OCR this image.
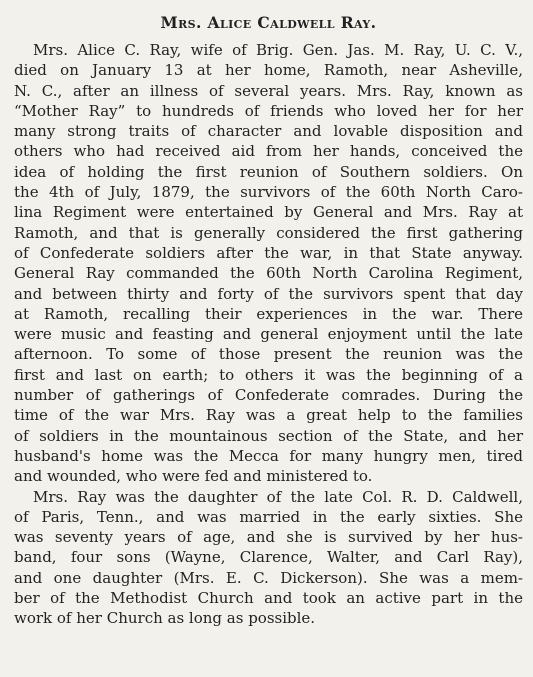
Mrs. Alice Caldwell Ray.
Mrs. Alice C. Ray, wife of Brig. Gen. Jas. M. Ray, U. C. V.,
died on January 13 at her home, Ramoth, near Asheville,
N. C., after an illness of several years. Mrs. Ray, known as
“Mother Ray” to hundreds of friends who loved her for her
many strong traits of character and lovable disposition and
others who had received aid from her hands, conceived the
idea of holding the first reunion of Southern soldiers. On
the 4th of July, 1879, the survivors of the 60th North Caro-
lina Regiment were entertained by General and Mrs. Ray at
Ramoth, and that is generally considered the first gathering
of Confederate soldiers after the war, in that State anyway.
General Ray commanded the 60th North Carolina Regiment,
and between thirty and forty of the survivors spent that day
at Ramoth, recalling their experiences in the war. There
were music and feasting and general enjoyment until the late
afternoon. To some of those present the reunion was the
first and last on earth; to others it was the beginning of a
number of gatherings of Confederate comrades. During the
time of the war Mrs. Ray was a great help to the families
of soldiers in the mountainous section of the State, and her
husband's home was the Mecca for many hungry men, tired
and wounded, who were fed and ministered to.
Mrs. Ray was the daughter of the late Col. R. D. Caldwell,
of Paris, Tenn., and was married in the early sixties. She
was seventy years of age, and she is survived by her hus-
band, four sons (Wayne, Clarence, Walter, and Carl Ray),
and one daughter (Mrs. E. C. Dickerson). She was a mem-
ber of the Methodist Church and took an active part in the
work of her Church as long as possible.
